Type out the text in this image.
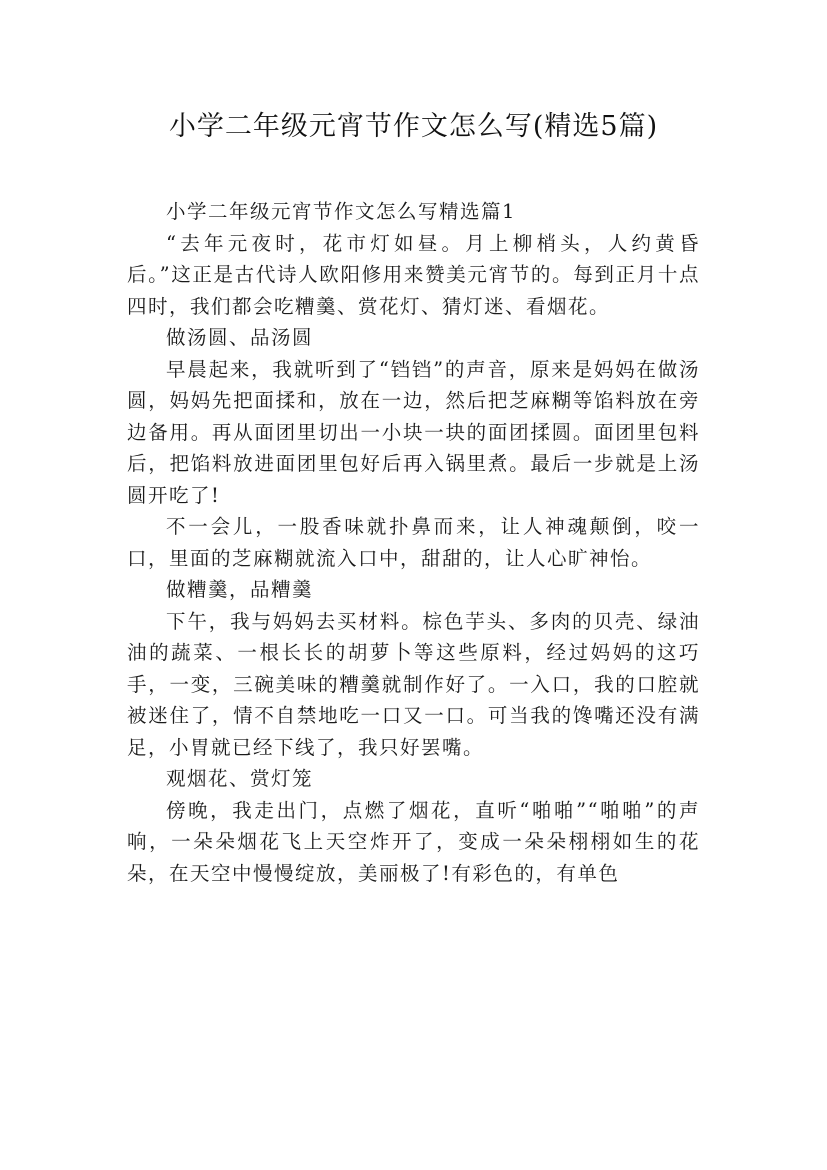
小学二年级元宵节作文怎么写(精选5篇)

小学二年级元宵节作文怎么写精选篇1

“去年元夜时，花市灯如昼。月上柳梢头，人约黄昏后。”这正是古代诗人欧阳修用来赞美元宵节的。每到正月十点四时，我们都会吃糟羹、赏花灯、猜灯迷、看烟花。

做汤圆、品汤圆

早晨起来，我就听到了“铛铛”的声音，原来是妈妈在做汤圆，妈妈先把面揉和，放在一边，然后把芝麻糊等馅料放在旁边备用。再从面团里切出一小块一块的面团揉圆。面团里包料后，把馅料放进面团里包好后再入锅里煮。最后一步就是上汤圆开吃了!

不一会儿，一股香味就扑鼻而来，让人神魂颠倒，咬一口，里面的芝麻糊就流入口中，甜甜的，让人心旷神怡。

做糟羹，品糟羹

下午，我与妈妈去买材料。棕色芋头、多肉的贝壳、绿油油的蔬菜、一根长长的胡萝卜等这些原料，经过妈妈的这巧手，一变，三碗美味的糟羹就制作好了。一入口，我的口腔就被迷住了，情不自禁地吃一口又一口。可当我的馋嘴还没有满足，小胃就已经下线了，我只好罢嘴。

观烟花、赏灯笼

傍晚，我走出门，点燃了烟花，直听“啪啪”“啪啪”的声响，一朵朵烟花飞上天空炸开了，变成一朵朵栩栩如生的花朵，在天空中慢慢绽放，美丽极了!有彩色的，有单色
